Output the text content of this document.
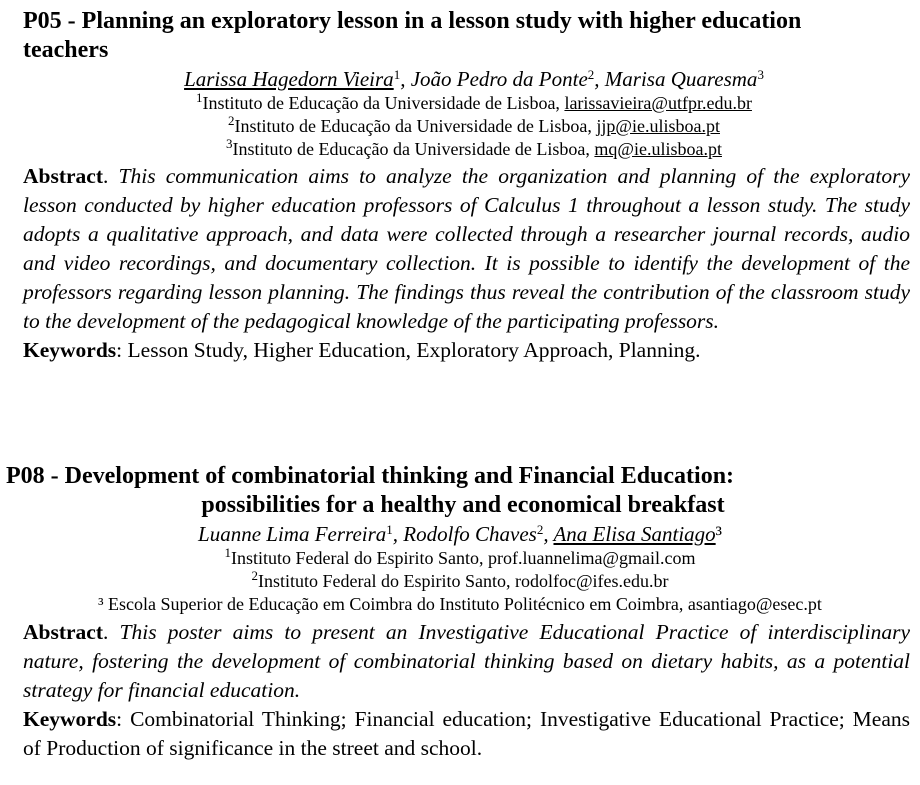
P05 - Planning an exploratory lesson in a lesson study with higher education teachers
Larissa Hagedorn Vieira$^1$, João Pedro da Ponte$^2$, Marisa Quaresma$^3$
$^1$Instituto de Educação da Universidade de Lisboa, larissavieira@utfpr.edu.br
$^2$Instituto de Educação da Universidade de Lisboa, jjp@ie.ulisboa.pt
$^3$Instituto de Educação da Universidade de Lisboa, mq@ie.ulisboa.pt

Abstract. This communication aims to analyze the organization and planning of the exploratory lesson conducted by higher education professors of Calculus 1 throughout a lesson study. The study adopts a qualitative approach, and data were collected through a researcher journal records, audio and video recordings, and documentary collection. It is possible to identify the development of the professors regarding lesson planning. The findings thus reveal the contribution of the classroom study to the development of the pedagogical knowledge of the participating professors.

Keywords: Lesson Study, Higher Education, Exploratory Approach, Planning.

P08 - Development of combinatorial thinking and Financial Education:
possibilities for a healthy and economical breakfast
Luanne Lima Ferreira$^1$, Rodolfo Chaves$^2$, Ana Elisa Santiago³
$^1$Instituto Federal do Espirito Santo, prof.luannelima@gmail.com
$^2$Instituto Federal do Espirito Santo, rodolfoc@ifes.edu.br
³ Escola Superior de Educação em Coimbra do Instituto Politécnico em Coimbra, asantiago@esec.pt

Abstract. This poster aims to present an Investigative Educational Practice of interdisciplinary nature, fostering the development of combinatorial thinking based on dietary habits, as a potential strategy for financial education.

Keywords: Combinatorial Thinking; Financial education; Investigative Educational Practice; Means of Production of significance in the street and school.
